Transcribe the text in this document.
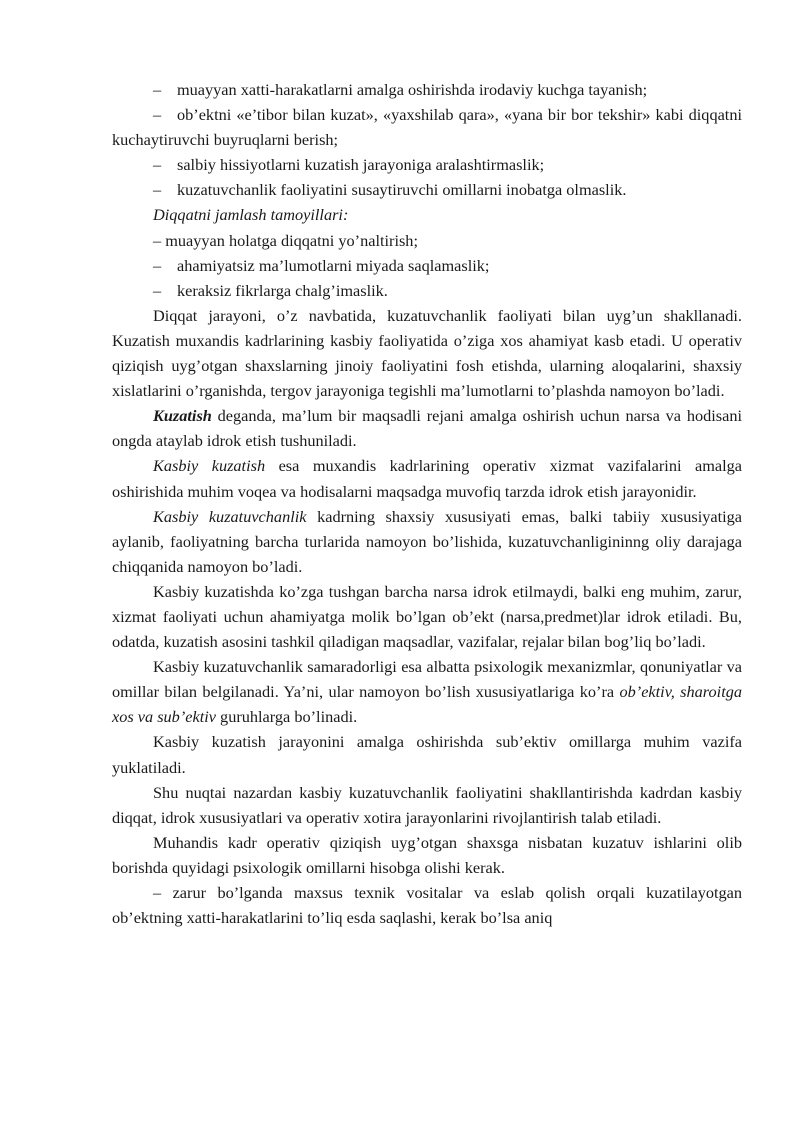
– muayyan xatti-harakatlarni amalga oshirishda irodaviy kuchga tayanish;

– ob’ektni «e’tibor bilan kuzat», «yaxshilab qara», «yana bir bor tekshir» kabi diqqatni kuchaytiruvchi buyruqlarni berish;

– salbiy hissiyotlarni kuzatish jarayoniga aralashtirmaslik;

– kuzatuvchanlik faoliyatini susaytiruvchi omillarni inobatga olmaslik.

Diqqatni jamlash tamoyillari:

– muayyan holatga diqqatni yo’naltirish;

– ahamiyatsiz ma’lumotlarni miyada saqlamaslik;

– keraksiz fikrlarga chalg’imaslik.

Diqqat jarayoni, o’z navbatida, kuzatuvchanlik faoliyati bilan uyg’un shakllanadi. Kuzatish muxandis kadrlarining kasbiy faoliyatida o’ziga xos ahamiyat kasb etadi. U operativ qiziqish uyg’otgan shaxslarning jinoiy faoliyatini fosh etishda, ularning aloqalarini, shaxsiy xislatlarini o’rganishda, tergov jarayoniga tegishli ma’lumotlarni to’plashda namoyon bo’ladi.

Kuzatish deganda, ma’lum bir maqsadli rejani amalga oshirish uchun narsa va hodisani ongda ataylab idrok etish tushuniladi.

Kasbiy kuzatish esa muxandis kadrlarining operativ xizmat vazifalarini amalga oshirishida muhim voqea va hodisalarni maqsadga muvofiq tarzda idrok etish jarayonidir.

Kasbiy kuzatuvchanlik kadrning shaxsiy xususiyati emas, balki tabiiy xususiyatiga aylanib, faoliyatning barcha turlarida namoyon bo’lishida, kuzatuvchanligininng oliy darajaga chiqqanida namoyon bo’ladi.

Kasbiy kuzatishda ko’zga tushgan barcha narsa idrok etilmaydi, balki eng muhim, zarur, xizmat faoliyati uchun ahamiyatga molik bo’lgan ob’ekt (narsa,predmet)lar idrok etiladi. Bu, odatda, kuzatish asosini tashkil qiladigan maqsadlar, vazifalar, rejalar bilan bog’liq bo’ladi.

Kasbiy kuzatuvchanlik samaradorligi esa albatta psixologik mexanizmlar, qonuniyatlar va omillar bilan belgilanadi. Ya’ni, ular namoyon bo’lish xususiyatlariga ko’ra ob’ektiv, sharoitga xos va sub’ektiv guruhlarga bo’linadi.

Kasbiy kuzatish jarayonini amalga oshirishda sub’ektiv omillarga muhim vazifa yuklatiladi.

Shu nuqtai nazardan kasbiy kuzatuvchanlik faoliyatini shakllantirishda kadrdan kasbiy diqqat, idrok xususiyatlari va operativ xotira jarayonlarini rivojlantirish talab etiladi.

Muhandis kadr operativ qiziqish uyg’otgan shaxsga nisbatan kuzatuv ishlarini olib borishda quyidagi psixologik omillarni hisobga olishi kerak.

– zarur bo’lganda maxsus texnik vositalar va eslab qolish orqali kuzatilayotgan ob’ektning xatti-harakatlarini to’liq esda saqlashi, kerak bo’lsa aniq
